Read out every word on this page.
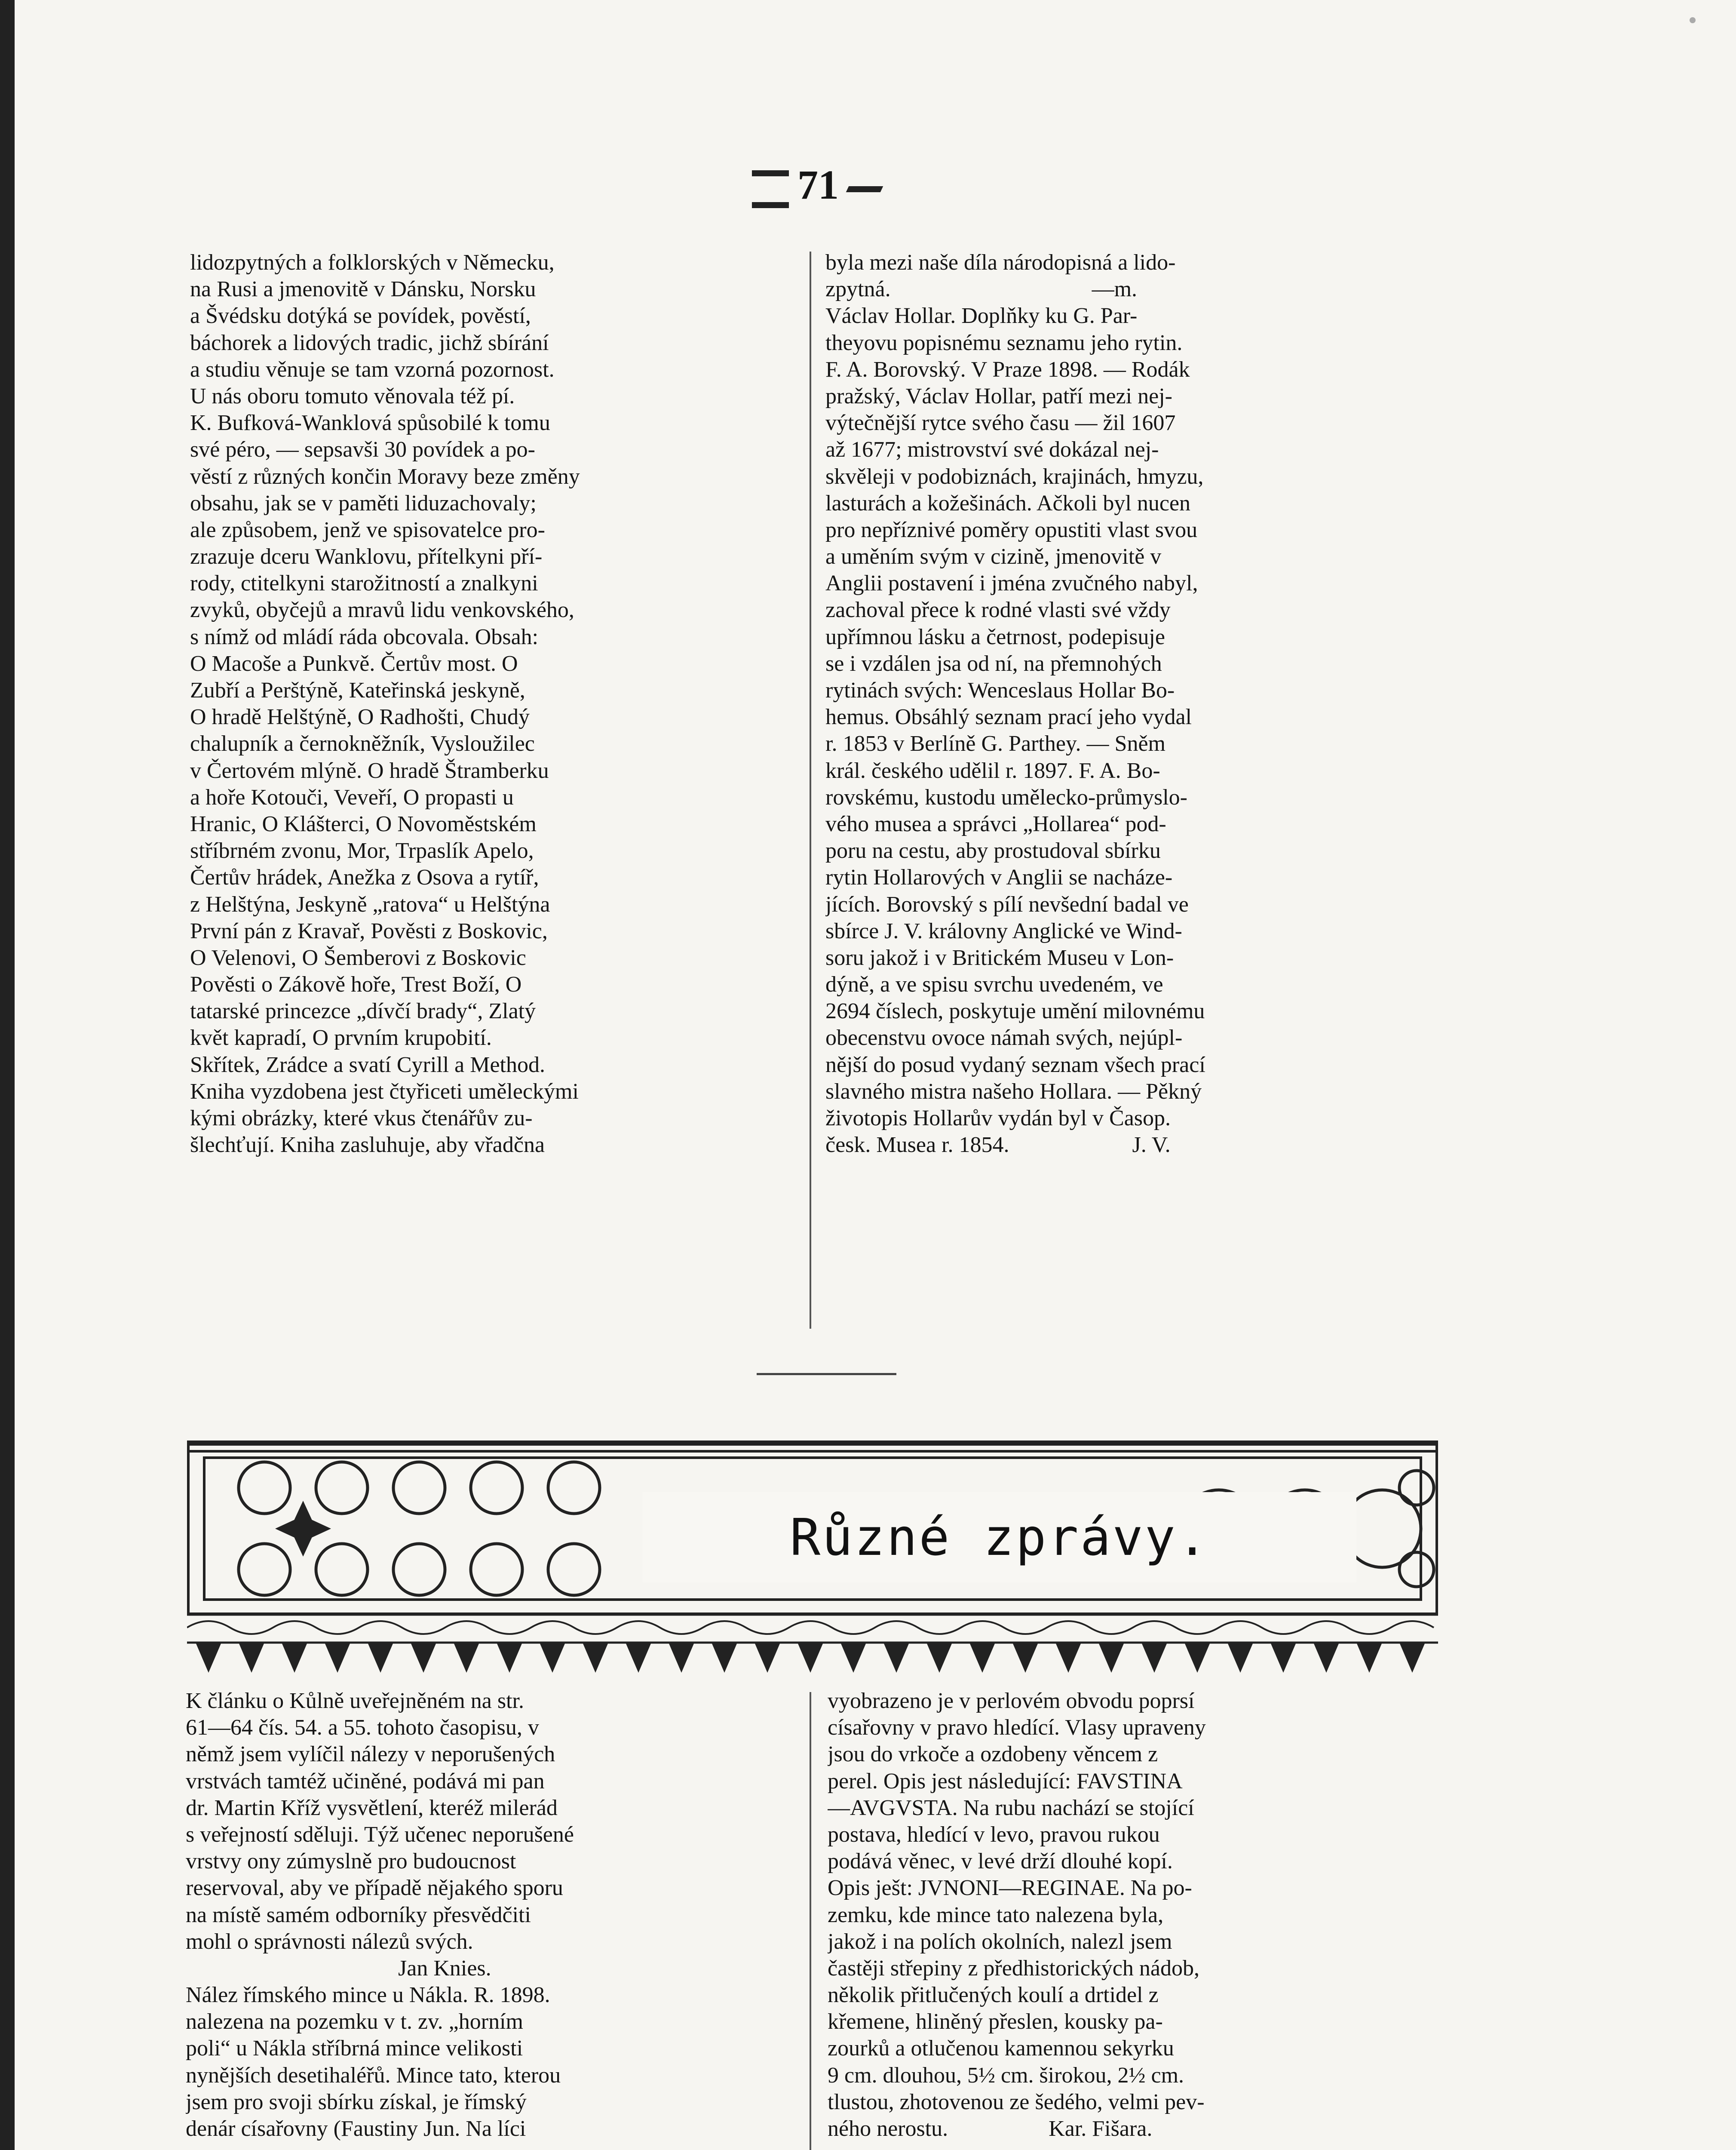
71
lidozpytných a folklorských v Německu,
na Rusi a jmenovitě v Dánsku, Norsku
a Švédsku dotýká se povídek, pověstí,
báchorek a lidových tradic, jichž sbírání
a studiu věnuje se tam vzorná pozornost.
U nás oboru tomuto věnovala též pí.
K. Bufková-Wanklová spůsobilé k tomu
své péro, — sepsavši 30 povídek a po-
věstí z různých končin Moravy beze změny
obsahu, jak se v paměti liduzachovaly;
ale způsobem, jenž ve spisovatelce pro-
zrazuje dceru Wanklovu, přítelkyni pří-
rody, ctitelkyni starožitností a znalkyni
zvyků, obyčejů a mravů lidu venkovského,
s nímž od mládí ráda obcovala. Obsah:
O Macoše a Punkvě. Čertův most. O
Zubří a Perštýně, Kateřinská jeskyně,
O hradě Helštýně, O Radhošti, Chudý
chalupník a černokněžník, Vysloužilec
v Čertovém mlýně. O hradě Štramberku
a hoře Kotouči, Veveří, O propasti u
Hranic, O Klášterci, O Novoměstském
stříbrném zvonu, Mor, Trpaslík Apelo,
Čertův hrádek, Anežka z Osova a rytíř,
z Helštýna, Jeskyně „ratova“ u Helštýna
První pán z Kravař, Pověsti z Boskovic,
O Velenovi, O Šemberovi z Boskovic
Pověsti o Zákově hoře, Trest Boží, O
tatarské princezce „dívčí brady“, Zlatý
květ kapradí, O prvním krupobití.
Skřítek, Zrádce a svatí Cyrill a Method.
Kniha vyzdobena jest čtyřiceti uměleckými
kými obrázky, které vkus čtenářův zu-
šlechťují. Kniha zasluhuje, aby vřadčna
byla mezi naše díla národopisná a lido-
zpytná.                                    —m.
Václav Hollar. Doplňky ku G. Par-
theyovu popisnému seznamu jeho rytin.
F. A. Borovský. V Praze 1898. — Rodák
pražský, Václav Hollar, patří mezi nej-
výtečnější rytce svého času — žil 1607
až 1677; mistrovství své dokázal nej-
skvěleji v podobiznách, krajinách, hmyzu,
lasturách a kožešinách. Ačkoli byl nucen
pro nepříznivé poměry opustiti vlast svou
a uměním svým v cizině, jmenovitě v
Anglii postavení i jména zvučného nabyl,
zachoval přece k rodné vlasti své vždy
upřímnou lásku a četrnost, podepisuje
se i vzdálen jsa od ní, na přemnohých
rytinách svých: Wenceslaus Hollar Bo-
hemus. Obsáhlý seznam prací jeho vydal
r. 1853 v Berlíně G. Parthey. — Sněm
král. českého udělil r. 1897. F. A. Bo-
rovskému, kustodu umělecko-průmyslo-
vého musea a správci „Hollarea“ pod-
poru na cestu, aby prostudoval sbírku
rytin Hollarových v Anglii se nacháze-
jících. Borovský s pílí nevšední badal ve
sbírce J. V. královny Anglické ve Wind-
soru jakož i v Britickém Museu v Lon-
dýně, a ve spisu svrchu uvedeném, ve
2694 číslech, poskytuje umění milovnému
obecenstvu ovoce námah svých, nejúpl-
nější do posud vydaný seznam všech prací
slavného mistra našeho Hollara. — Pěkný
životopis Hollarův vydán byl v Časop.
česk. Musea r. 1854.                      J. V.
Různé zprávy.
K článku o Kůlně uveřejněném na str.
61—64 čís. 54. a 55. tohoto časopisu, v
němž jsem vylíčil nálezy v neporušených
vrstvách tamtéž učiněné, podává mi pan
dr. Martin Kříž vysvětlení, kteréž milerád
s veřejností sděluji. Týž učenec neporušené
vrstvy ony zúmyslně pro budoucnost
reservoval, aby ve případě nějakého sporu
na místě samém odborníky přesvědčiti
mohl o správnosti nálezů svých.
Jan Knies.
Nález římského mince u Nákla. R. 1898.
nalezena na pozemku v t. zv. „horním
poli“ u Nákla stříbrná mince velikosti
nynějších desetihaléřů. Mince tato, kterou
jsem pro svoji sbírku získal, je římský
denár císařovny (Faustiny Jun. Na líci
vyobrazeno je v perlovém obvodu poprsí
císařovny v pravo hledící. Vlasy upraveny
jsou do vrkoče a ozdobeny věncem z
perel. Opis jest následující: FAVSTINA
—AVGVSTA. Na rubu nachází se stojící
postava, hledící v levo, pravou rukou
podává věnec, v levé drží dlouhé kopí.
Opis ješt: JVNONI—REGINAE. Na po-
zemku, kde mince tato nalezena byla,
jakož i na polích okolních, nalezl jsem
častěji střepiny z předhistorických nádob,
několik přitlučených koulí a drtidel z
křemene, hliněný přeslen, kousky pa-
zourků a otlučenou kamennou sekyrku
9 cm. dlouhou, 5½ cm. širokou, 2½ cm.
tlustou, zhotovenou ze šedého, velmi pev-
ného nerostu.                  Kar. Fišara.
